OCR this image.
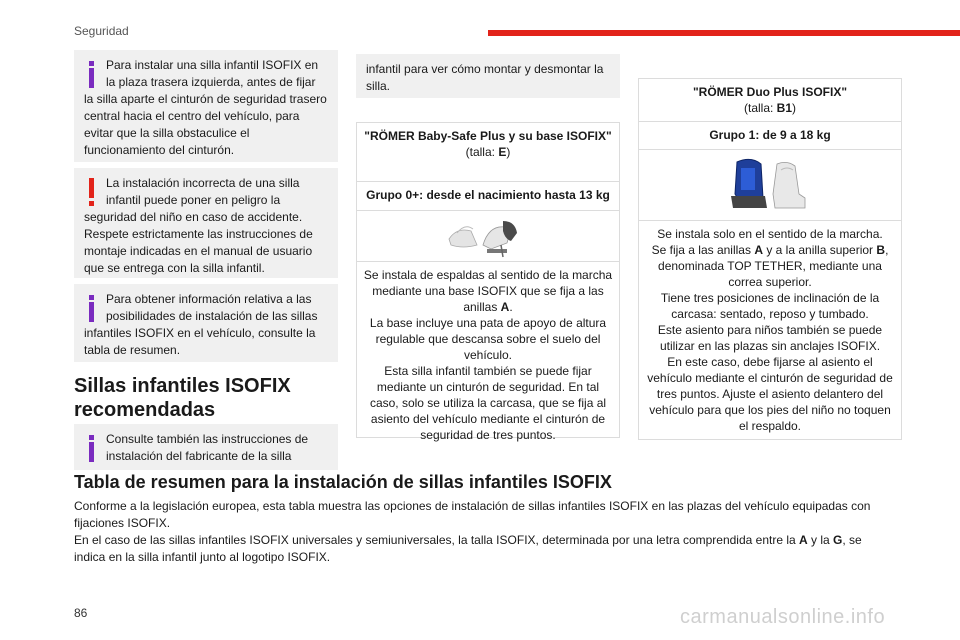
Seguridad
Para instalar una silla infantil ISOFIX en la plaza trasera izquierda, antes de fijar la silla aparte el cinturón de seguridad trasero central hacia el centro del vehículo, para evitar que la silla obstaculice el funcionamiento del cinturón.
La instalación incorrecta de una silla infantil puede poner en peligro la seguridad del niño en caso de accidente. Respete estrictamente las instrucciones de montaje indicadas en el manual de usuario que se entrega con la silla infantil.
Para obtener información relativa a las posibilidades de instalación de las sillas infantiles ISOFIX en el vehículo, consulte la tabla de resumen.
Sillas infantiles ISOFIX recomendadas
Consulte también las instrucciones de instalación del fabricante de la silla
infantil para ver cómo montar y desmontar la silla.
"RÖMER Baby-Safe Plus y su base ISOFIX"
(talla: E)
Grupo 0+: desde el nacimiento hasta 13 kg
Se instala de espaldas al sentido de la marcha mediante una base ISOFIX que se fija a las anillas A.
La base incluye una pata de apoyo de altura regulable que descansa sobre el suelo del vehículo.
Esta silla infantil también se puede fijar mediante un cinturón de seguridad. En tal caso, solo se utiliza la carcasa, que se fija al asiento del vehículo mediante el cinturón de seguridad de tres puntos.
"RÖMER Duo Plus ISOFIX"
(talla: B1)
Grupo 1: de 9 a 18 kg
Se instala solo en el sentido de la marcha.
Se fija a las anillas A y a la anilla superior B, denominada TOP TETHER, mediante una correa superior.
Tiene tres posiciones de inclinación de la carcasa: sentado, reposo y tumbado.
Este asiento para niños también se puede utilizar en las plazas sin anclajes ISOFIX.
En este caso, debe fijarse al asiento el vehículo mediante el cinturón de seguridad de tres puntos. Ajuste el asiento delantero del vehículo para que los pies del niño no toquen el respaldo.
Tabla de resumen para la instalación de sillas infantiles ISOFIX
Conforme a la legislación europea, esta tabla muestra las opciones de instalación de sillas infantiles ISOFIX en las plazas del vehículo equipadas con fijaciones ISOFIX.
En el caso de las sillas infantiles ISOFIX universales y semiuniversales, la talla ISOFIX, determinada por una letra comprendida entre la A y la G, se indica en la silla infantil junto al logotipo ISOFIX.
86	carmanualsonline.info
